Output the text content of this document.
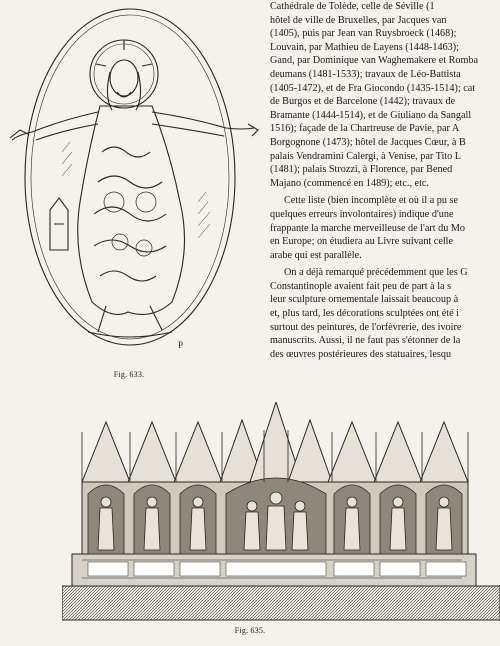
P
Fig. 633.

Cathédrale de Tolède, celle de Séville (1
hôtel de ville de Bruxelles, par Jacques van
(1405), puis par Jean van Ruysbroeck (1468);
Louvain, par Mathieu de Layens (1448-1463);
Gand, par Dominique van Waghemakere et Romba
deumans (1481-1533); travaux de Léo-Battista
(1405-1472), et de Fra Giocondo (1435-1514); cat
de Burgos et de Barcelone (1442); travaux de
Bramante (1444-1514), et de Giuliano da Sangall
1516); façade de la Chartreuse de Pavie, par A
Borgognone (1473); hôtel de Jacques Cœur, à B
palais Vendramini Calergi, à Venise, par Tito L
(1481); palais Strozzi, à Florence, par Bened
Majano (commencé en 1489); etc., etc.

Cette liste (bien incomplète et où il a pu se
quelques erreurs involontaires) indique d'une
frappante la marche merveilleuse de l'art du Mo
en Europe; on étudiera au Livre suivant celle
arabe qui est parallèle.

On a déjà remarqué précédemment que les G
Constantinople avaient fait peu de part à la s
leur sculpture ornementale laissait beaucoup à
et, plus tard, les décorations sculptées ont été i
surtout des peintures, de l'orfèvrerie, des ivoire
manuscrits. Aussi, il ne faut pas s'étonner de la
des œuvres postérieures des statuaires, lesqu

Fig. 635.
